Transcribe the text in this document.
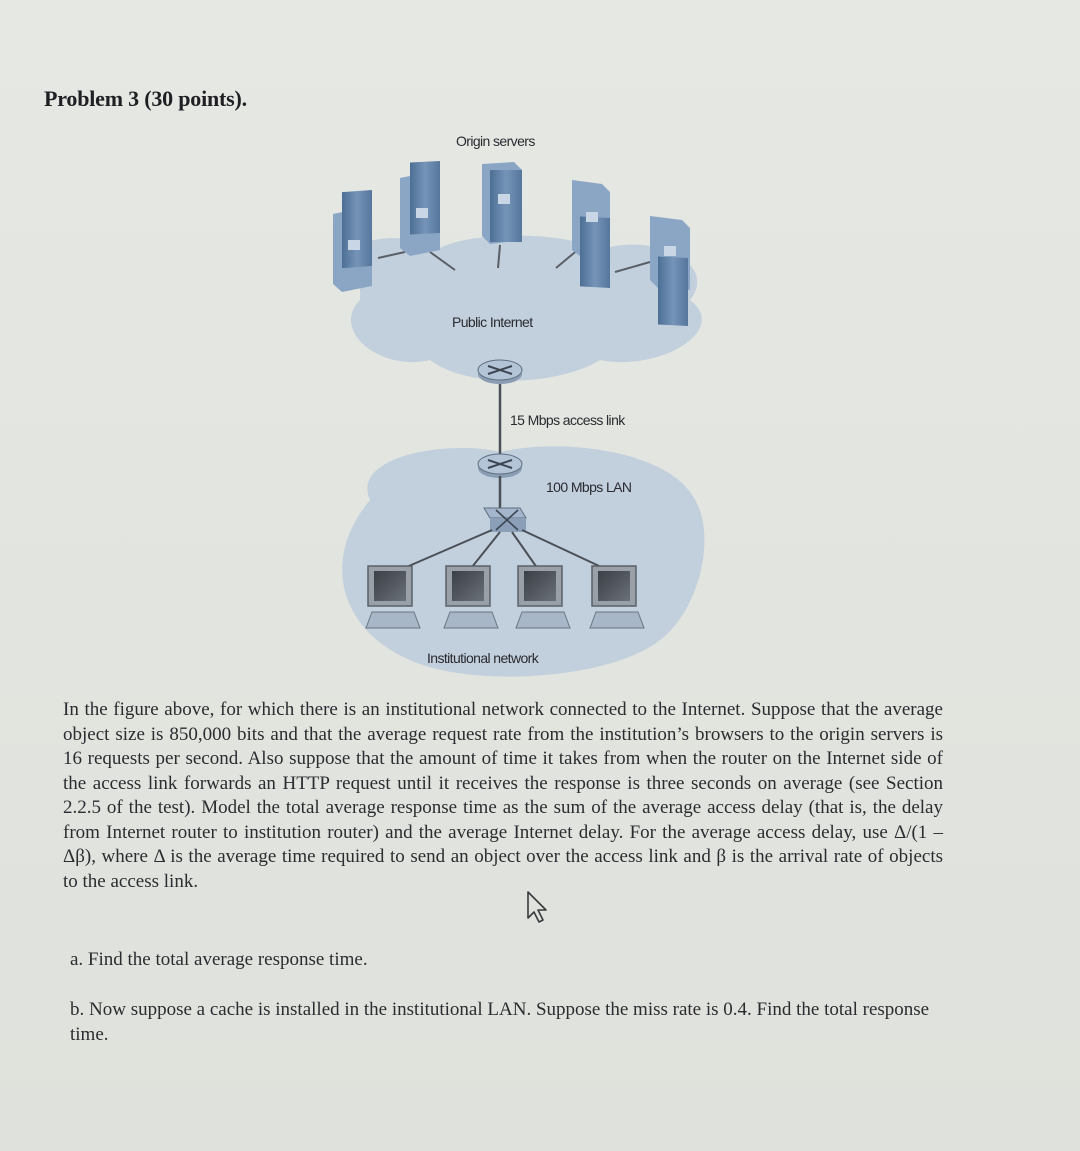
Problem 3 (30 points).
Origin servers
Public Internet
15 Mbps access link
100 Mbps LAN
Institutional network
In the figure above, for which there is an institutional network connected to the Internet. Suppose that the average object size is 850,000 bits and that the average request rate from the institution’s browsers to the origin servers is 16 requests per second. Also suppose that the amount of time it takes from when the router on the Internet side of the access link forwards an HTTP request until it receives the response is three seconds on average (see Section 2.2.5 of the test). Model the total average response time as the sum of the average access delay (that is, the delay from Internet router to institution router) and the average Internet delay. For the average access delay, use Δ/(1 – Δβ), where Δ is the average time required to send an object over the access link and β is the arrival rate of objects to the access link.
a. Find the total average response time.
b. Now suppose a cache is installed in the institutional LAN. Suppose the miss rate is 0.4. Find the total response time.
